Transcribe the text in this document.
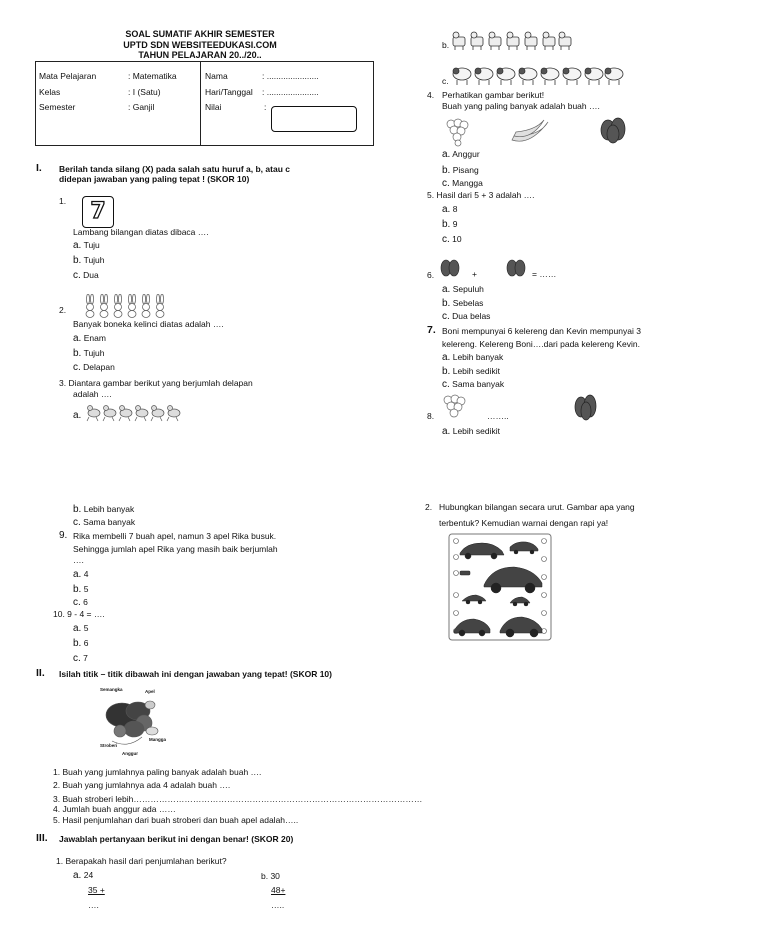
SOAL SUMATIF AKHIR SEMESTER
UPTD SDN WEBSITEEDUKASI.COM
TAHUN PELAJARAN 20../20..
Mata Pelajaran	: Matematika
Kelas	: I (Satu)
Semester	: Ganjil
Nama	: ......................
Hari/Tanggal : ......................
Nilai	:
I. Berilah tanda silang (X) pada salah satu huruf a, b, atau c
didepan jawaban yang paling tepat ! (SKOR 10)
1.	7
Lambang bilangan diatas dibaca ….
a. Tuju
b. Tujuh
c. Dua
2.
Banyak boneka kelinci diatas adalah ….
a. Enam
b. Tujuh
c. Delapan
3. Diantara gambar berikut yang berjumlah delapan
adalah ….
a.
b.
c.
4. Perhatikan gambar berikut!
Buah yang paling banyak adalah buah ….
a. Anggur
b. Pisang
c. Mangga
5. Hasil dari 5 + 3 adalah ….
a. 8
b. 9
c. 10
6.	+	= ……
a. Sepuluh
b. Sebelas
c. Dua belas
7. Boni mempunyai 6 kelereng dan Kevin mempunyai 3
kelereng. Kelereng Boni….dari pada kelereng Kevin.
a. Lebih banyak
b. Lebih sedikit
c. Sama banyak
8.	……..
a. Lebih sedikit
b. Lebih banyak
c. Sama banyak
9. Rika membelli 7 buah apel, namun 3 apel Rika busuk.
Sehingga jumlah apel Rika yang masih baik berjumlah
….
a. 4
b. 5
c. 6
10. 9 - 4 = ….
a. 5
b. 6
c. 7
II. Isilah titik – titik dibawah ini dengan jawaban yang tepat! (SKOR 10)
Semangka	Apel
Mangga
Stroberi
Anggur
1. Buah yang jumlahnya paling banyak adalah buah ….
2. Buah yang jumlahnya ada 4 adalah buah ….
3. Buah stroberi lebih…………………………………………………………………………………………
4. Jumlah buah anggur ada ……
5. Hasil penjumlahan dari buah stroberi dan buah apel adalah…..
III. Jawablah pertanyaan berikut ini dengan benar! (SKOR 20)
1. Berapakah hasil dari penjumlahan berikut?
a. 24
35 +
….
b. 30
48+
…..
2. Hubungkan bilangan secara urut. Gambar apa yang
terbentuk? Kemudian warnai dengan rapi ya!
